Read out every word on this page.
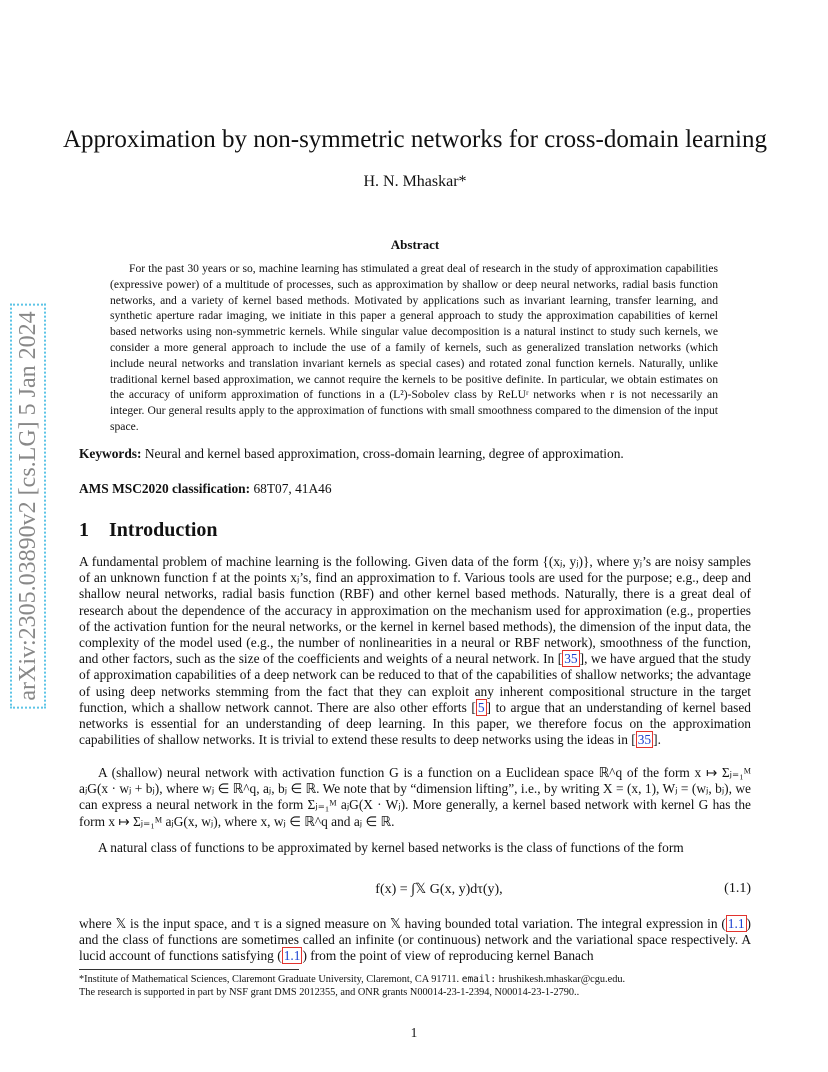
arXiv:2305.03890v2 [cs.LG] 5 Jan 2024
Approximation by non-symmetric networks for cross-domain learning
H. N. Mhaskar*
Abstract
For the past 30 years or so, machine learning has stimulated a great deal of research in the study of approximation capabilities (expressive power) of a multitude of processes, such as approximation by shallow or deep neural networks, radial basis function networks, and a variety of kernel based methods. Motivated by applications such as invariant learning, transfer learning, and synthetic aperture radar imaging, we initiate in this paper a general approach to study the approximation capabilities of kernel based networks using non-symmetric kernels. While singular value decomposition is a natural instinct to study such kernels, we consider a more general approach to include the use of a family of kernels, such as generalized translation networks (which include neural networks and translation invariant kernels as special cases) and rotated zonal function kernels. Naturally, unlike traditional kernel based approximation, we cannot require the kernels to be positive definite. In particular, we obtain estimates on the accuracy of uniform approximation of functions in a (L²)-Sobolev class by ReLUʳ networks when r is not necessarily an integer. Our general results apply to the approximation of functions with small smoothness compared to the dimension of the input space.
Keywords: Neural and kernel based approximation, cross-domain learning, degree of approximation.
AMS MSC2020 classification: 68T07, 41A46
1 Introduction
A fundamental problem of machine learning is the following. Given data of the form {(xⱼ, yⱼ)}, where yⱼ’s are noisy samples of an unknown function f at the points xⱼ’s, find an approximation to f. Various tools are used for the purpose; e.g., deep and shallow neural networks, radial basis function (RBF) and other kernel based methods. Naturally, there is a great deal of research about the dependence of the accuracy in approximation on the mechanism used for approximation (e.g., properties of the activation funtion for the neural networks, or the kernel in kernel based methods), the dimension of the input data, the complexity of the model used (e.g., the number of nonlinearities in a neural or RBF network), smoothness of the function, and other factors, such as the size of the coefficients and weights of a neural network. In [ 35 ], we have argued that the study of approximation capabilities of a deep network can be reduced to that of the capabilities of shallow networks; the advantage of using deep networks stemming from the fact that they can exploit any inherent compositional structure in the target function, which a shallow network cannot. There are also other efforts [ 5 ] to argue that an understanding of kernel based networks is essential for an understanding of deep learning. In this paper, we therefore focus on the approximation capabilities of shallow networks. It is trivial to extend these results to deep networks using the ideas in [ 35 ].
A (shallow) neural network with activation function G is a function on a Euclidean space ℝ^q of the form x ↦ Σⱼ₌₁ᴹ aⱼG(x · wⱼ + bⱼ), where wⱼ ∈ ℝ^q, aⱼ, bⱼ ∈ ℝ. We note that by “dimension lifting”, i.e., by writing X = (x, 1), Wⱼ = (wⱼ, bⱼ), we can express a neural network in the form Σⱼ₌₁ᴹ aⱼG(X · Wⱼ). More generally, a kernel based network with kernel G has the form x ↦ Σⱼ₌₁ᴹ aⱼG(x, wⱼ), where x, wⱼ ∈ ℝ^q and aⱼ ∈ ℝ.
A natural class of functions to be approximated by kernel based networks is the class of functions of the form
f(x) = ∫𝕏 G(x, y)dτ(y),	(1.1)
where 𝕏 is the input space, and τ is a signed measure on 𝕏 having bounded total variation. The integral expression in ( 1.1 ) and the class of functions are sometimes called an infinite (or continuous) network and the variational space respectively. A lucid account of functions satisfying ( 1.1 ) from the point of view of reproducing kernel Banach
*Institute of Mathematical Sciences, Claremont Graduate University, Claremont, CA 91711. email: hrushikesh.mhaskar@cgu.edu.
The research is supported in part by NSF grant DMS 2012355, and ONR grants N00014-23-1-2394, N00014-23-1-2790..
1
